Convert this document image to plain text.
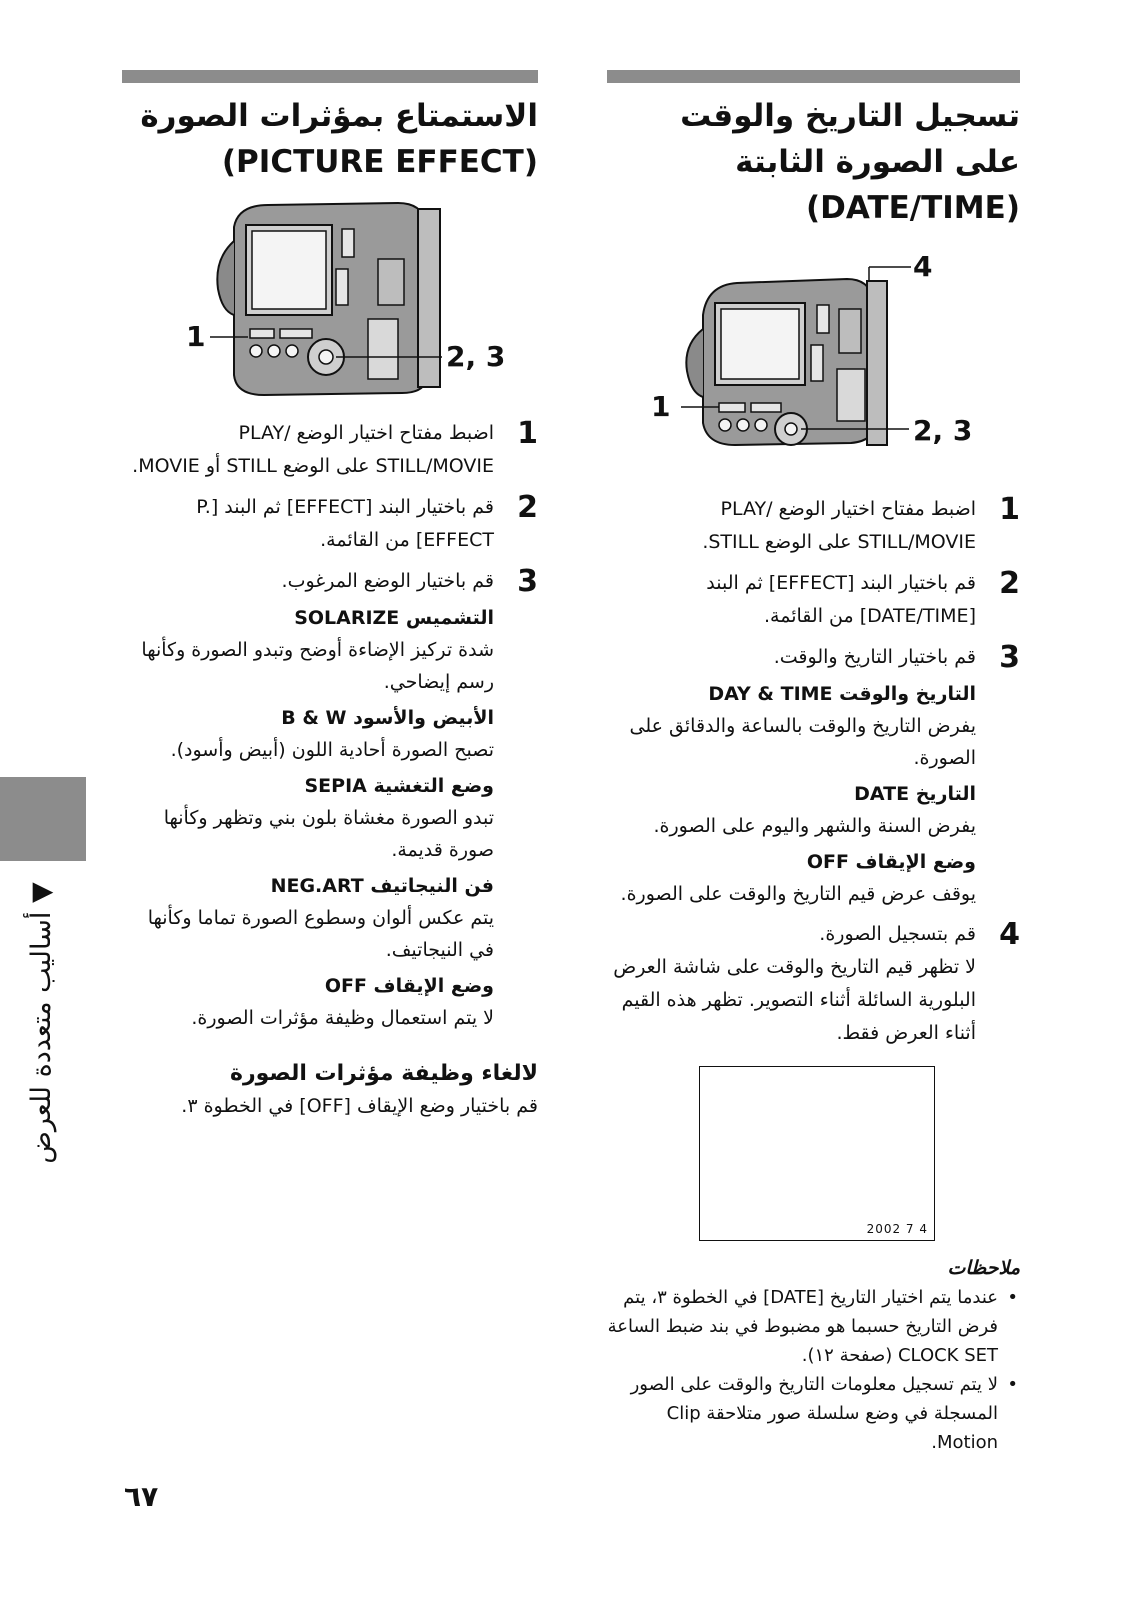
تسجيل التاريخ والوقت
على الصورة الثابتة
(DATE/TIME)
4
1
2, 3
1

اضبط مفتاح اختيار الوضع PLAY/ STILL/MOVIE على الوضع STILL.

2

قم باختيار البند [EFFECT] ثم البند [DATE/TIME] من القائمة.

3

قم باختيار التاريخ والوقت.

التاريخ والوقت DAY & TIME

يفرض التاريخ والوقت بالساعة والدقائق على الصورة.

التاريخ DATE

يفرض السنة والشهر واليوم على الصورة.

وضع الإيقاف OFF

يوقف عرض قيم التاريخ والوقت على الصورة.

4

قم بتسجيل الصورة.

لا تظهر قيم التاريخ والوقت على شاشة العرض البلورية السائلة أثناء التصوير. تظهر هذه القيم أثناء العرض فقط.

2002 7 4

ملاحظات

• عندما يتم اختيار التاريخ [DATE] في الخطوة ٣، يتم فرض التاريخ حسبما هو مضبوط في بند ضبط الساعة CLOCK SET (صفحة ١٢).

• لا يتم تسجيل معلومات التاريخ والوقت على الصور المسجلة في وضع سلسلة صور متلاحقة Clip Motion.

الاستمتاع بمؤثرات الصورة
(PICTURE EFFECT)
1
2, 3
1

اضبط مفتاح اختيار الوضع PLAY/ STILL/MOVIE على الوضع STILL أو MOVIE.

2

قم باختيار البند [EFFECT] ثم البند [P. EFFECT] من القائمة.

3

قم باختيار الوضع المرغوب.

التشميس SOLARIZE

شدة تركيز الإضاءة أوضح وتبدو الصورة وكأنها رسم إيضاحي.

الأبيض والأسود B & W

تصبح الصورة أحادية اللون (أبيض وأسود).

وضع التغشية SEPIA

تبدو الصورة مغشاة بلون بني وتظهر وكأنها صورة قديمة.

فن النيجاتيف NEG.ART

يتم عكس ألوان وسطوع الصورة تماما وكأنها في النيجاتيف.

وضع الإيقاف OFF

لا يتم استعمال وظيفة مؤثرات الصورة.

لالغاء وظيفة مؤثرات الصورة

قم باختيار وضع الإيقاف [OFF] في الخطوة ٣.

▼ أساليب متعددة للعرض
٦٧
